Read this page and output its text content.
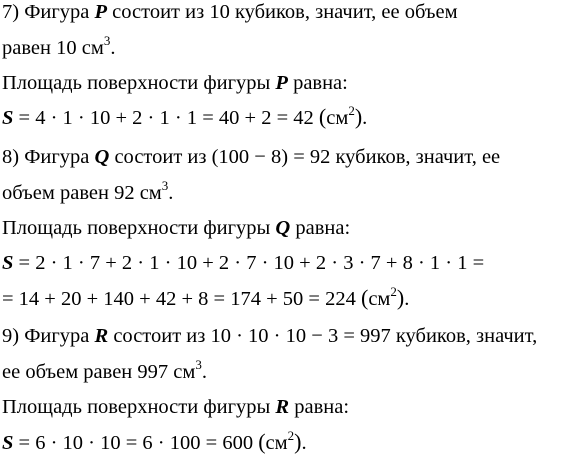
7) Фигура P состоит из 10 кубиков, значит, ее объем
равен 10 $см^3$.
Площадь поверхности фигуры P равна:
S = 4 · 1 · 10 + 2 · 1 · 1 = 40 + 2 = 42 $(см^2)$.
8) Фигура Q состоит из (100 − 8) = 92 кубиков, значит, ее
объем равен 92 $см^3$.
Площадь поверхности фигуры Q равна:
S = 2 · 1 · 7 + 2 · 1 · 10 + 2 · 7 · 10 + 2 · 3 · 7 + 8 · 1 · 1 =
= 14 + 20 + 140 + 42 + 8 = 174 + 50 = 224 $(см^2)$.
9) Фигура R состоит из 10 · 10 · 10 − 3 = 997 кубиков, значит,
ее объем равен 997 $см^3$.
Площадь поверхности фигуры R равна:
S = 6 · 10 · 10 = 6 · 100 = 600 $(см^2)$.
